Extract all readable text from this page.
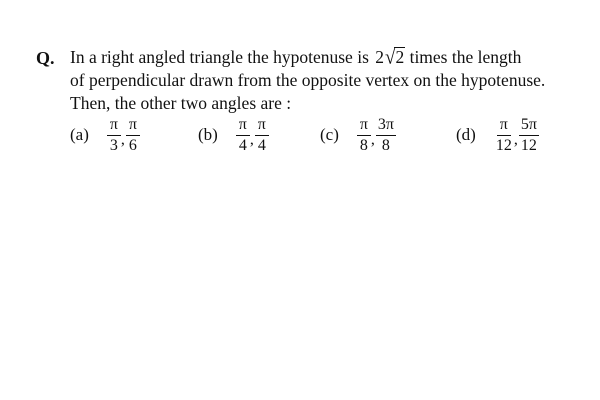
Q. In a right angled triangle the hypotenuse is 2√2 times the length
of perpendicular drawn from the opposite vertex on the hypotenuse.
Then, the other two angles are :
$(a) \frac{\pi}{3}$ , $\frac{\pi}{6}$	$(b) \frac{\pi}{4}$ , $\frac{\pi}{4}$	$(c) \frac{\pi}{8}$ , $\frac{3\pi}{8}$	$(d) \frac{\pi}{12}$ , $\frac{5\pi}{12}$
